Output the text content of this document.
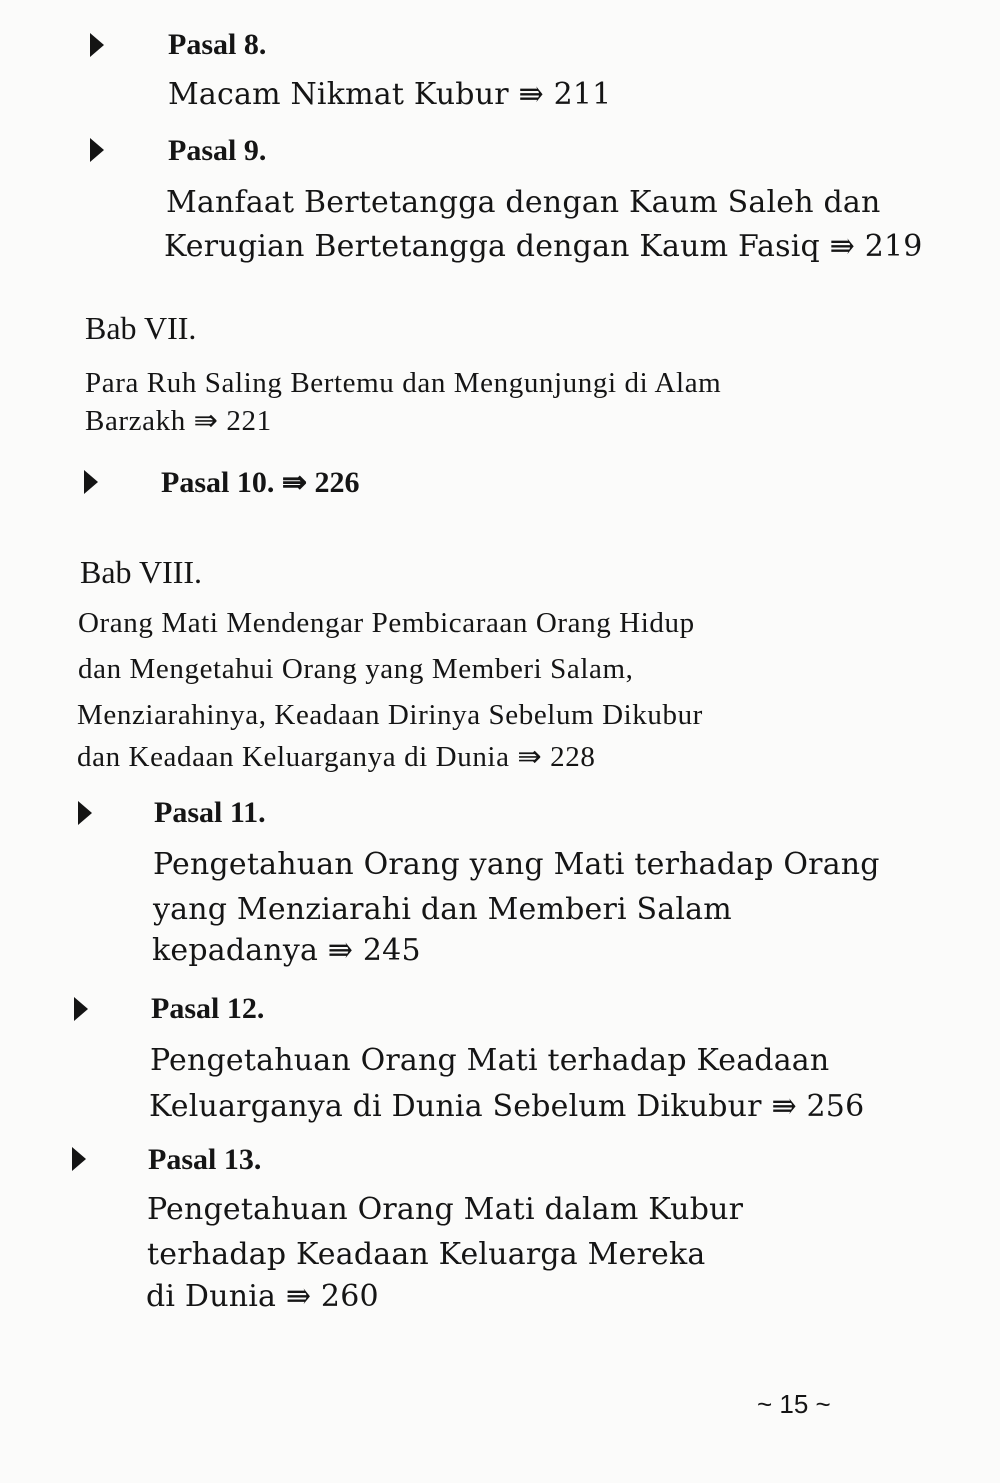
Pasal 8.
Macam Nikmat Kubur ⇛ 211
Pasal 9.
Manfaat Bertetangga dengan Kaum Saleh dan
Kerugian Bertetangga dengan Kaum Fasiq ⇛ 219
Bab VII.
Para Ruh Saling Bertemu dan Mengunjungi di Alam
Barzakh ⇛ 221
Pasal 10. ⇛ 226
Bab VIII.
Orang Mati Mendengar Pembicaraan Orang Hidup
dan Mengetahui Orang yang Memberi Salam,
Menziarahinya, Keadaan Dirinya Sebelum Dikubur
dan Keadaan Keluarganya di Dunia ⇛ 228
Pasal 11.
Pengetahuan Orang yang Mati terhadap Orang
yang Menziarahi dan Memberi Salam
kepadanya ⇛ 245
Pasal 12.
Pengetahuan Orang Mati terhadap Keadaan
Keluarganya di Dunia Sebelum Dikubur ⇛ 256
Pasal 13.
Pengetahuan Orang Mati dalam Kubur
terhadap Keadaan Keluarga Mereka
di Dunia ⇛ 260
~ 15 ~
